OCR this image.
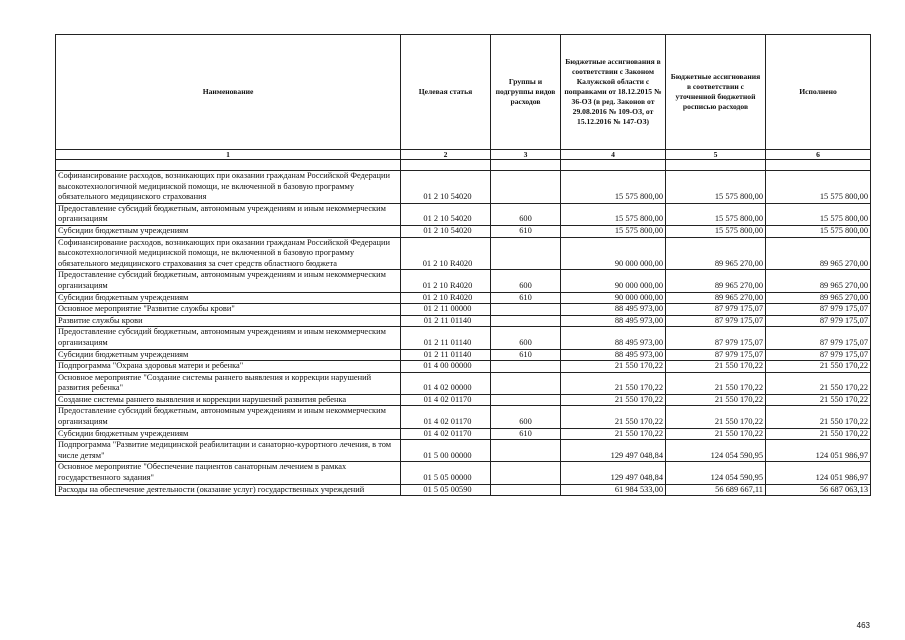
Наименование	Целевая статья	Группы и подгруппы видов расходов	Бюджетные ассигнования в соответствии с Законом Калужской области с поправками от 18.12.2015 № 36-ОЗ (в ред. Законов от 29.08.2016 № 109-ОЗ, от 15.12.2016 № 147-ОЗ)	Бюджетные ассигнования в соответствии с уточненной бюджетной росписью расходов	Исполнено
1	2	3	4	5	6

Софинансирование расходов, возникающих при оказании гражданам Российской Федерации высокотехнологичной медицинской помощи, не включенной в базовую программу обязательного медицинского страхования	01 2 10 54020		15 575 800,00	15 575 800,00	15 575 800,00
Предоставление субсидий бюджетным, автономным учреждениям и иным некоммерческим организациям	01 2 10 54020	600	15 575 800,00	15 575 800,00	15 575 800,00
Субсидии бюджетным учреждениям	01 2 10 54020	610	15 575 800,00	15 575 800,00	15 575 800,00
Софинансирование расходов, возникающих при оказании гражданам Российской Федерации высокотехнологичной медицинской помощи, не включенной в базовую программу обязательного медицинского страхования за счет средств областного бюджета	01 2 10 R4020		90 000 000,00	89 965 270,00	89 965 270,00
Предоставление субсидий бюджетным, автономным учреждениям и иным некоммерческим организациям	01 2 10 R4020	600	90 000 000,00	89 965 270,00	89 965 270,00
Субсидии бюджетным учреждениям	01 2 10 R4020	610	90 000 000,00	89 965 270,00	89 965 270,00
Основное мероприятие "Развитие службы крови"	01 2 11 00000		88 495 973,00	87 979 175,07	87 979 175,07
Развитие службы крови	01 2 11 01140		88 495 973,00	87 979 175,07	87 979 175,07
Предоставление субсидий бюджетным, автономным учреждениям и иным некоммерческим организациям	01 2 11 01140	600	88 495 973,00	87 979 175,07	87 979 175,07
Субсидии бюджетным учреждениям	01 2 11 01140	610	88 495 973,00	87 979 175,07	87 979 175,07
Подпрограмма "Охрана здоровья матери и ребенка"	01 4 00 00000		21 550 170,22	21 550 170,22	21 550 170,22
Основное мероприятие "Создание системы раннего выявления и коррекции нарушений развития ребенка"	01 4 02 00000		21 550 170,22	21 550 170,22	21 550 170,22
Создание системы раннего выявления и коррекции нарушений развития ребенка	01 4 02 01170		21 550 170,22	21 550 170,22	21 550 170,22
Предоставление субсидий бюджетным, автономным учреждениям и иным некоммерческим организациям	01 4 02 01170	600	21 550 170,22	21 550 170,22	21 550 170,22
Субсидии бюджетным учреждениям	01 4 02 01170	610	21 550 170,22	21 550 170,22	21 550 170,22
Подпрограмма "Развитие медицинской реабилитации и санаторно-курортного лечения, в том числе детям"	01 5 00 00000		129 497 048,84	124 054 590,95	124 051 986,97
Основное мероприятие "Обеспечение пациентов санаторным лечением в рамках государственного задания"	01 5 05 00000		129 497 048,84	124 054 590,95	124 051 986,97
Расходы на обеспечение деятельности (оказание услуг) государственных учреждений	01 5 05 00590		61 984 533,00	56 689 667,11	56 687 063,13
463
